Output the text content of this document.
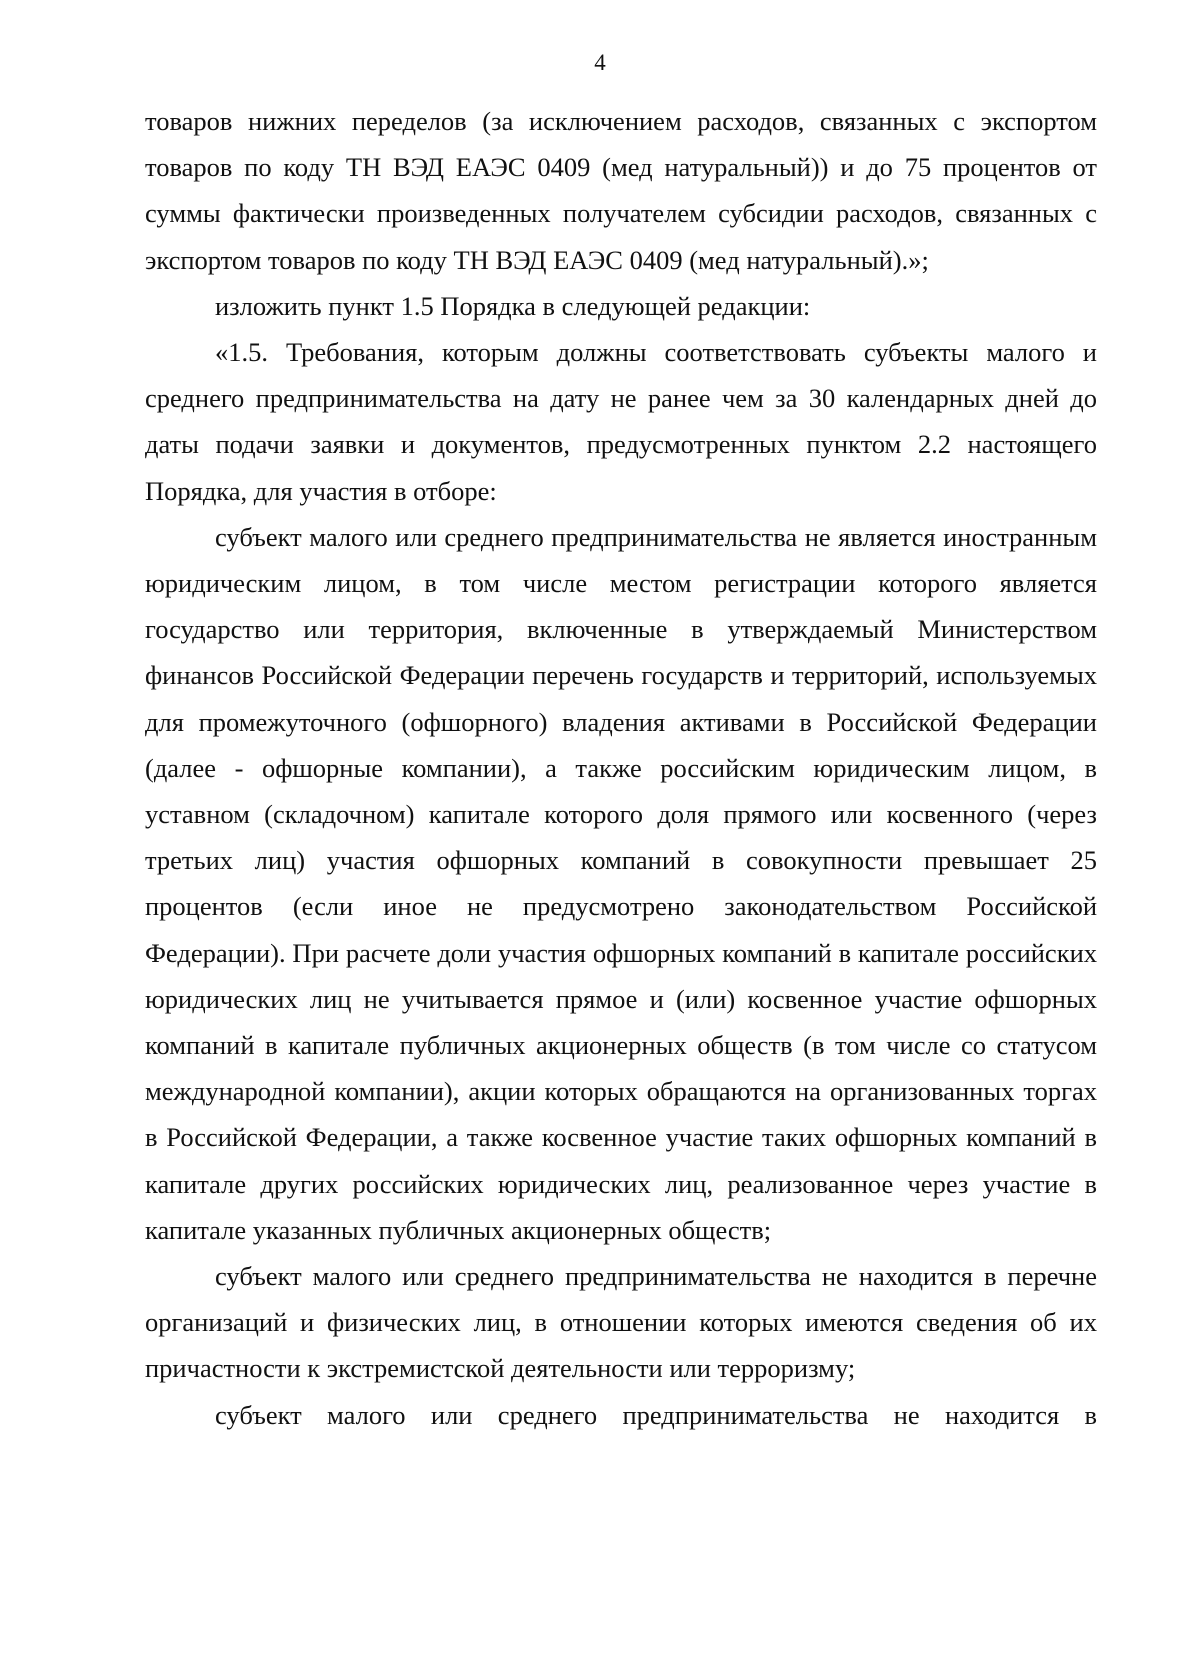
4

товаров нижних переделов (за исключением расходов, связанных с экспортом товаров по коду ТН ВЭД ЕАЭС 0409 (мед натуральный)) и до 75 процентов от суммы фактически произведенных получателем субсидии расходов, связанных с экспортом товаров по коду ТН ВЭД ЕАЭС 0409 (мед натуральный).»;

изложить пункт 1.5 Порядка в следующей редакции:

«1.5. Требования, которым должны соответствовать субъекты малого и среднего предпринимательства на дату не ранее чем за 30 календарных дней до даты подачи заявки и документов, предусмотренных пунктом 2.2 настоящего Порядка, для участия в отборе:

субъект малого или среднего предпринимательства не является иностранным юридическим лицом, в том числе местом регистрации которого является государство или территория, включенные в утверждаемый Министерством финансов Российской Федерации перечень государств и территорий, используемых для промежуточного (офшорного) владения активами в Российской Федерации (далее - офшорные компании), а также российским юридическим лицом, в уставном (складочном) капитале которого доля прямого или косвенного (через третьих лиц) участия офшорных компаний в совокупности превышает 25 процентов (если иное не предусмотрено законодательством Российской Федерации). При расчете доли участия офшорных компаний в капитале российских юридических лиц не учитывается прямое и (или) косвенное участие офшорных компаний в капитале публичных акционерных обществ (в том числе со статусом международной компании), акции которых обращаются на организованных торгах в Российской Федерации, а также косвенное участие таких офшорных компаний в капитале других российских юридических лиц, реализованное через участие в капитале указанных публичных акционерных обществ;

субъект малого или среднего предпринимательства не находится в перечне организаций и физических лиц, в отношении которых имеются сведения об их причастности к экстремистской деятельности или терроризму;

субъект малого или среднего предпринимательства не находится в
